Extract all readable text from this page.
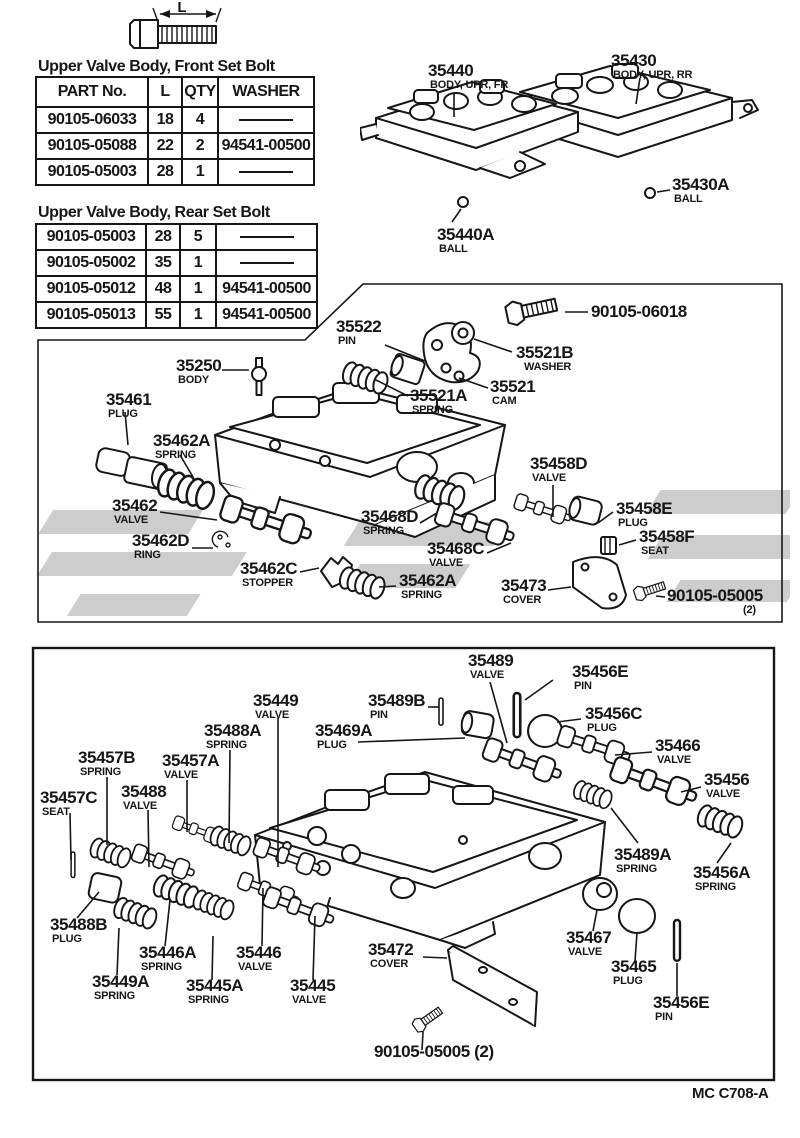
L
Upper Valve Body, Front Set Bolt
PART No.	L	QTY	WASHER
90105-06033	18	4	
90105-05088	22	2	94541-00500
90105-05003	28	1	
Upper Valve Body, Rear Set Bolt
90105-05003	28	5	
90105-05002	35	1	
90105-05012	48	1	94541-00500
90105-05013	55	1	94541-00500
35440
BODY, UPR, FR
35430
BODY, UPR, RR
35430A
BALL
35440A
BALL
35522
PIN
90105-06018
35521B
WASHER
35521
CAM
35521A
SPRING
35250
BODY
35461
PLUG
35462A
SPRING
35462
VALVE
35462D
RING
35462C
STOPPER	35462A
SPRING
35468D
SPRING
35468C
VALVE
35458D
VALVE
35458E
PLUG
35458F
SEAT
35473
COVER	90105-05005
(2)
35489
VALVE	35456E
PIN
35489B
PIN	35456C
PLUG
35469A
PLUG	35466
VALVE
35456
VALVE
35449
VALVE
35488A
SPRING
35457B
SPRING
35457A
VALVE
35457C
SEAT
35488
VALVE
35489A
SPRING	35456A
SPRING
35488B
PLUG
35446A
SPRING
35446
VALVE
35449A
SPRING
35445A
SPRING
35445
VALVE
35472
COVER
35467
VALVE
35465
PLUG
35456E
PIN
90105-05005 (2)
MC C708-A
